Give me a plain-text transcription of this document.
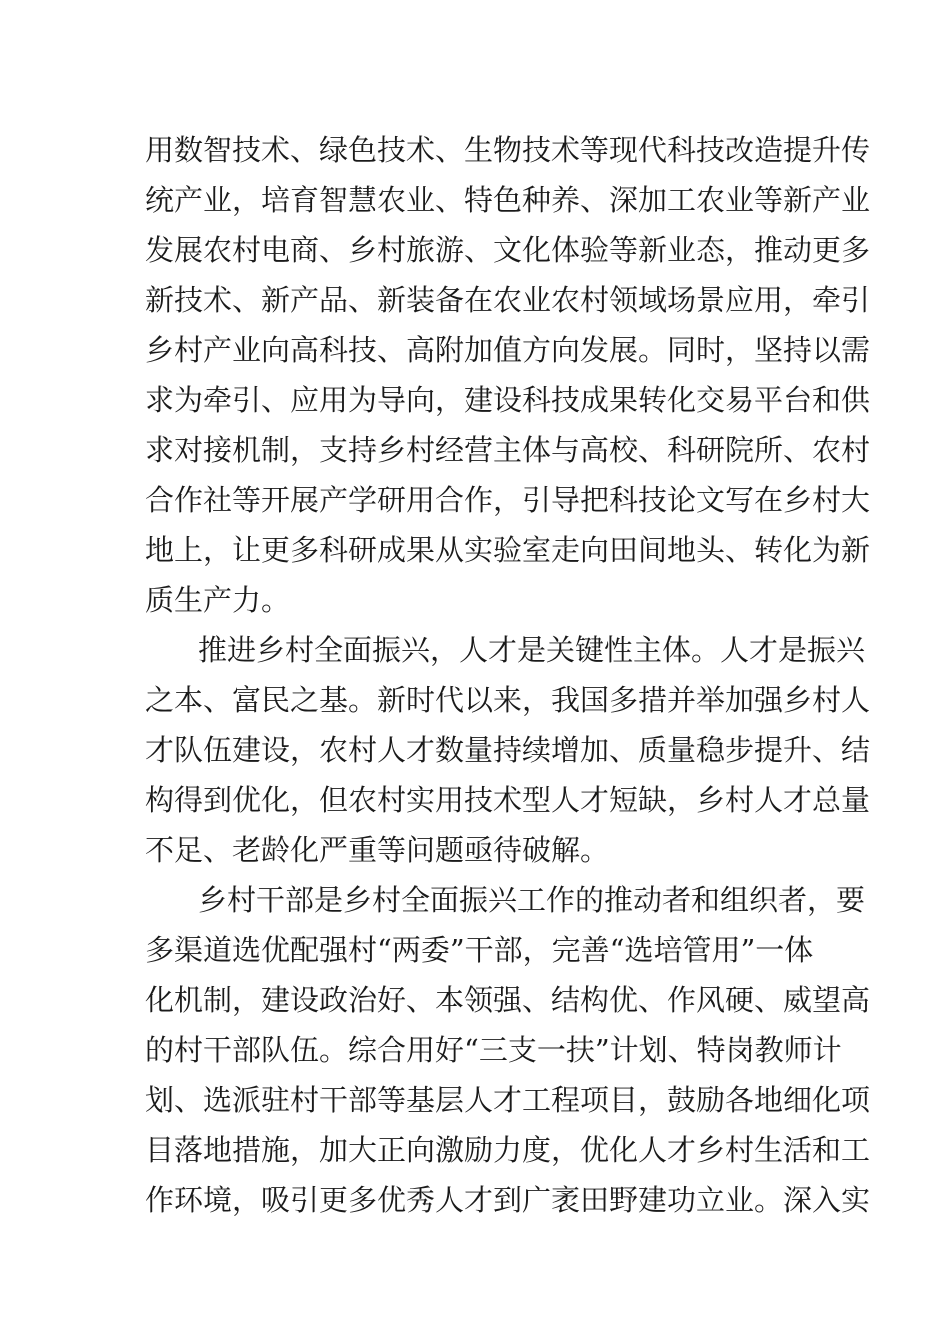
用数智技术、绿色技术、生物技术等现代科技改造提升传
统产业，培育智慧农业、特色种养、深加工农业等新产业
发展农村电商、乡村旅游、文化体验等新业态，推动更多
新技术、新产品、新装备在农业农村领域场景应用，牵引
乡村产业向高科技、高附加值方向发展。同时，坚持以需
求为牵引、应用为导向，建设科技成果转化交易平台和供
求对接机制，支持乡村经营主体与高校、科研院所、农村
合作社等开展产学研用合作，引导把科技论文写在乡村大
地上，让更多科研成果从实验室走向田间地头、转化为新
质生产力。
推进乡村全面振兴，人才是关键性主体。人才是振兴
之本、富民之基。新时代以来，我国多措并举加强乡村人
才队伍建设，农村人才数量持续增加、质量稳步提升、结
构得到优化，但农村实用技术型人才短缺，乡村人才总量
不足、老龄化严重等问题亟待破解。
乡村干部是乡村全面振兴工作的推动者和组织者，要
多渠道选优配强村“两委”干部，完善“选培管用”一体
化机制，建设政治好、本领强、结构优、作风硬、威望高
的村干部队伍。综合用好“三支一扶”计划、特岗教师计
划、选派驻村干部等基层人才工程项目，鼓励各地细化项
目落地措施，加大正向激励力度，优化人才乡村生活和工
作环境，吸引更多优秀人才到广袤田野建功立业。深入实
